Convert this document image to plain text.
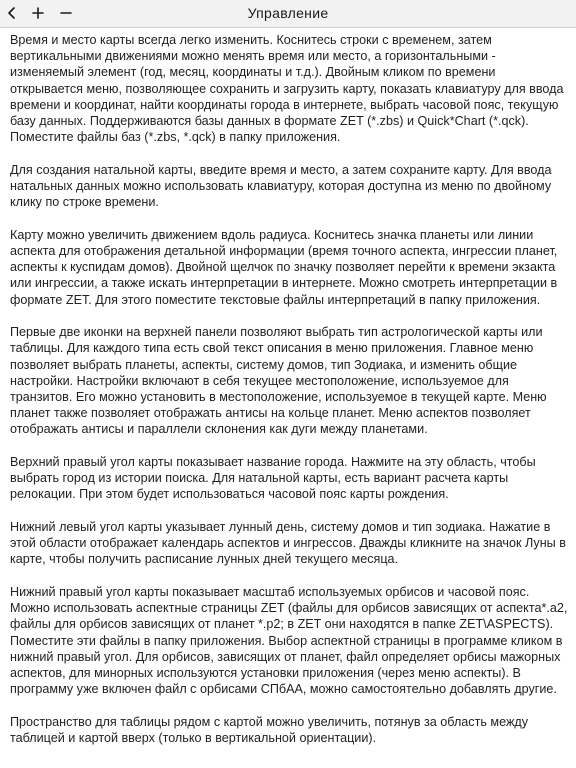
Управление

Время и место карты всегда легко изменить. Коснитесь строки с временем, затем вертикальными движениями можно менять время или место, а горизонтальными - изменяемый элемент (год, месяц, координаты и т.д.). Двойным кликом по времени открывается меню, позволяющее сохранить и загрузить карту, показать клавиатуру для ввода времени и координат, найти координаты города в интернете, выбрать часовой пояс, текущую базу данных. Поддерживаются базы данных в формате ZET (*.zbs) и Quick*Chart (*.qck). Поместите файлы баз (*.zbs, *.qck) в папку приложения.

Для создания натальной карты, введите время и место, а затем сохраните карту. Для ввода натальных данных можно использовать клавиатуру, которая доступна из меню по двойному клику по строке времени.

Карту можно увеличить движением вдоль радиуса. Коснитесь значка планеты или линии аспекта для отображения детальной информации (время точного аспекта, ингрессии планет, аспекты к куспидам домов). Двойной щелчок по значку позволяет перейти к времени экзакта или ингрессии, а также искать интерпретации в интернете. Можно смотреть интерпретации в формате ZET. Для этого поместите текстовые файлы интерпретаций в папку приложения.

Первые две иконки на верхней панели позволяют выбрать тип астрологической карты или таблицы. Для каждого типа есть свой текст описания в меню приложения. Главное меню позволяет выбрать планеты, аспекты, систему домов, тип Зодиака, и изменить общие настройки. Настройки включают в себя текущее местоположение, используемое для транзитов. Его можно установить в местоположение, используемое в текущей карте. Меню планет также позволяет отображать антисы на кольце планет. Меню аспектов позволяет отображать антисы и параллели склонения как дуги между планетами.

Верхний правый угол карты показывает название города. Нажмите на эту область, чтобы выбрать город из истории поиска. Для натальной карты, есть вариант расчета карты релокации. При этом будет использоваться часовой пояс карты рождения.

Нижний левый угол карты указывает лунный день, систему домов и тип зодиака. Нажатие в этой области отображает календарь аспектов и ингрессов. Дважды кликните на значок Луны в карте, чтобы получить расписание лунных дней текущего месяца.

Нижний правый угол карты показывает масштаб используемых орбисов и часовой пояс. Можно использовать аспектные страницы ZET (файлы для орбисов зависящих от аспекта*.a2, файлы для орбисов зависящих от планет *.p2; в ZET они находятся в папке ZET\ASPECTS). Поместите эти файлы в папку приложения. Выбор аспектной страницы в программе кликом в нижний правый угол. Для орбисов, зависящих от планет, файл определяет орбисы мажорных аспектов, для минорных используются установки приложения (через меню аспекты). В программу уже включен файл с орбисами СПбАА, можно самостоятельно добавлять другие.

Пространство для таблицы рядом с картой можно увеличить, потянув за область между таблицей и картой вверх (только в вертикальной ориентации).
